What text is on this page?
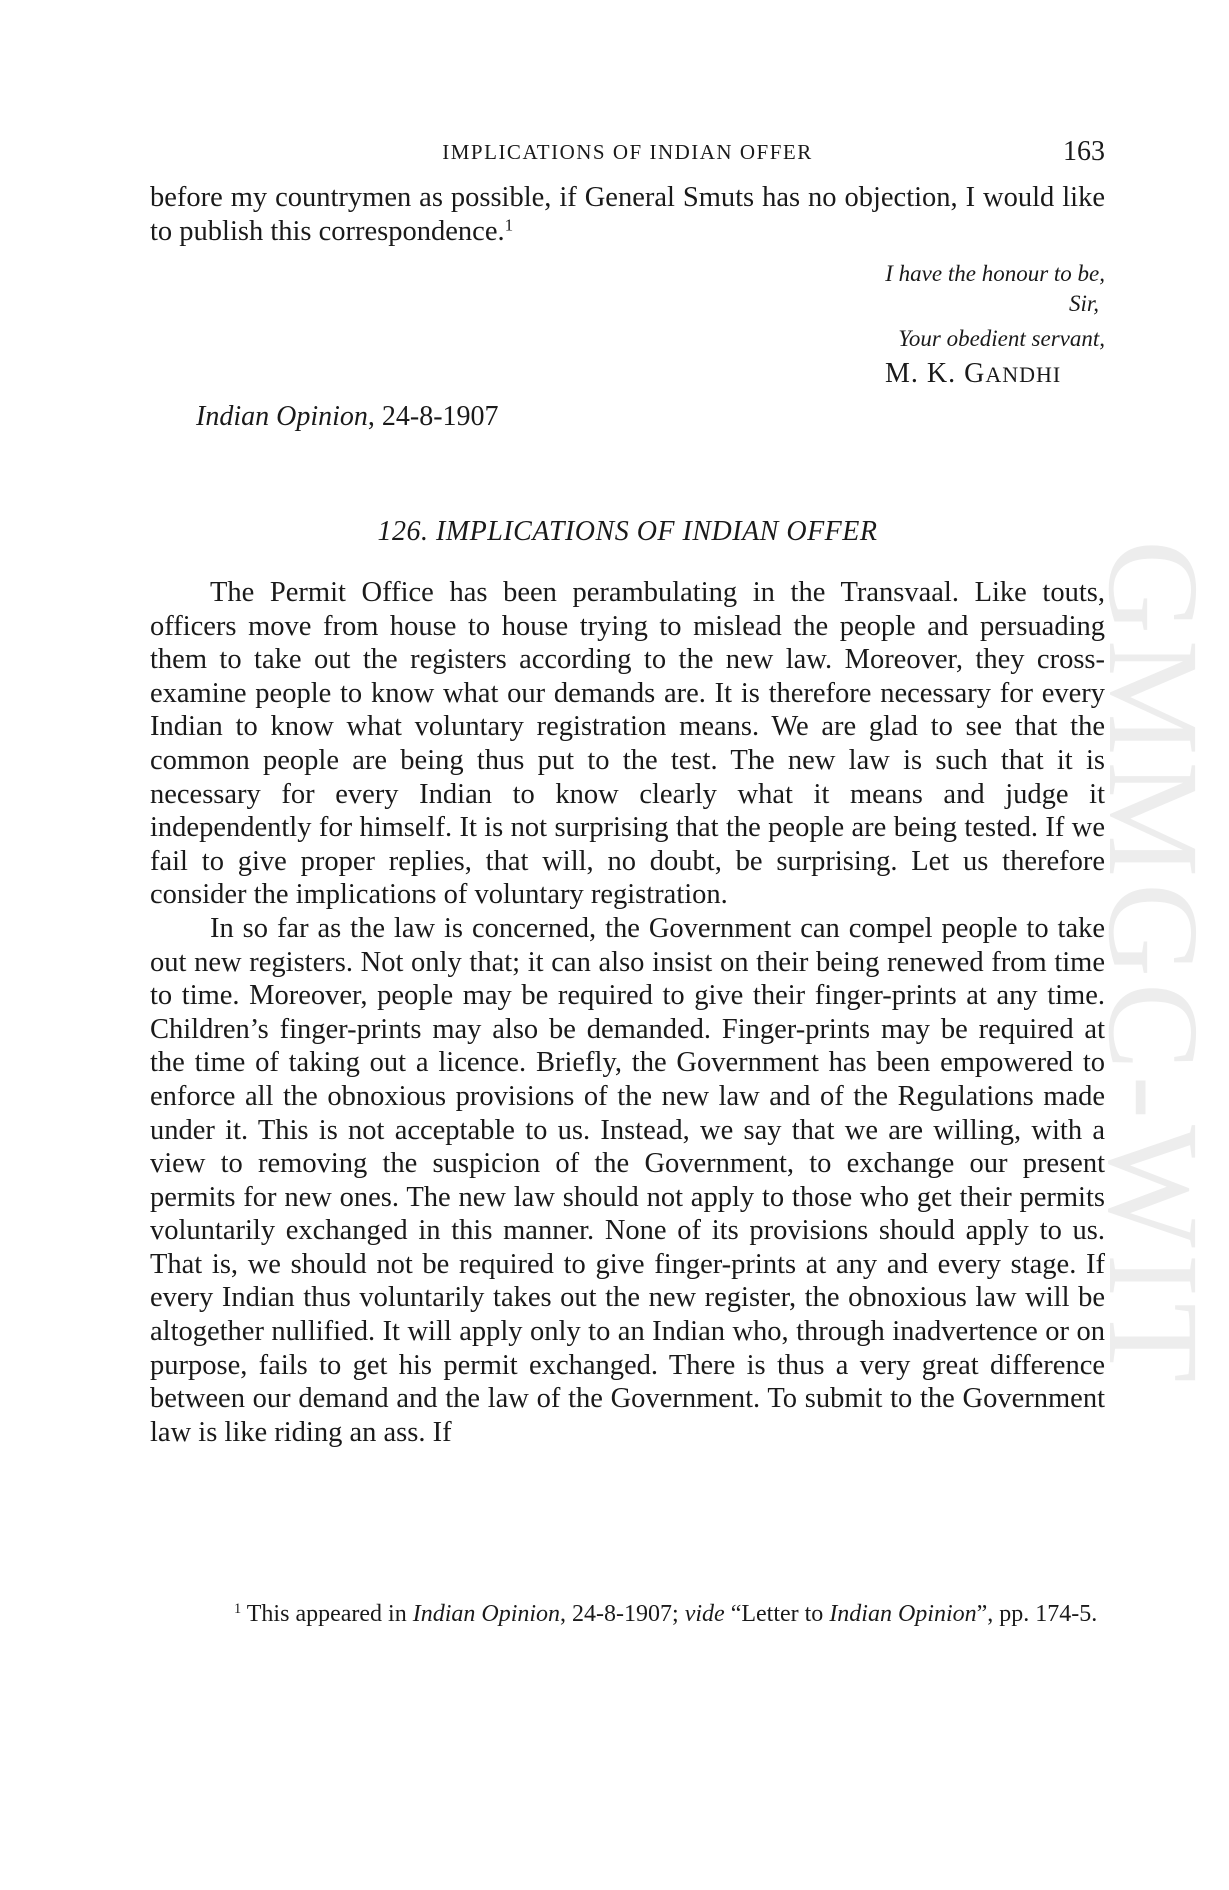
GMMGC-WIT
IMPLICATIONS OF INDIAN OFFER	163
before my countrymen as possible, if General Smuts has no objection, I would like to publish this correspondence.$^1$
I have the honour to be,
Sir,
Your obedient servant,
M. K. GANDHI
Indian Opinion, 24-8-1907
126. IMPLICATIONS OF INDIAN OFFER

The Permit Office has been perambulating in the Transvaal. Like touts, officers move from house to house trying to mislead the people and persuading them to take out the registers according to the new law. Moreover, they cross-examine people to know what our demands are. It is therefore necessary for every Indian to know what voluntary registration means. We are glad to see that the common people are being thus put to the test. The new law is such that it is necessary for every Indian to know clearly what it means and judge it independently for himself. It is not surprising that the people are being tested. If we fail to give proper replies, that will, no doubt, be surprising. Let us therefore consider the implications of voluntary registration.

In so far as the law is concerned, the Government can compel people to take out new registers. Not only that; it can also insist on their being renewed from time to time. Moreover, people may be required to give their finger-prints at any time. Children’s finger-prints may also be demanded. Finger-prints may be required at the time of taking out a licence. Briefly, the Government has been empowered to enforce all the obnoxious provisions of the new law and of the Regulations made under it. This is not acceptable to us. Instead, we say that we are willing, with a view to removing the suspicion of the Government, to exchange our present permits for new ones. The new law should not apply to those who get their permits voluntarily exchanged in this manner. None of its provisions should apply to us. That is, we should not be required to give finger-prints at any and every stage. If every Indian thus voluntarily takes out the new register, the obnoxious law will be altogether nullified. It will apply only to an Indian who, through inadvertence or on purpose, fails to get his permit exchanged. There is thus a very great difference between our demand and the law of the Government. To submit to the Government law is like riding an ass. If

$^1$ This appeared in Indian Opinion, 24-8-1907; vide “Letter to Indian Opinion”, pp. 174-5.
